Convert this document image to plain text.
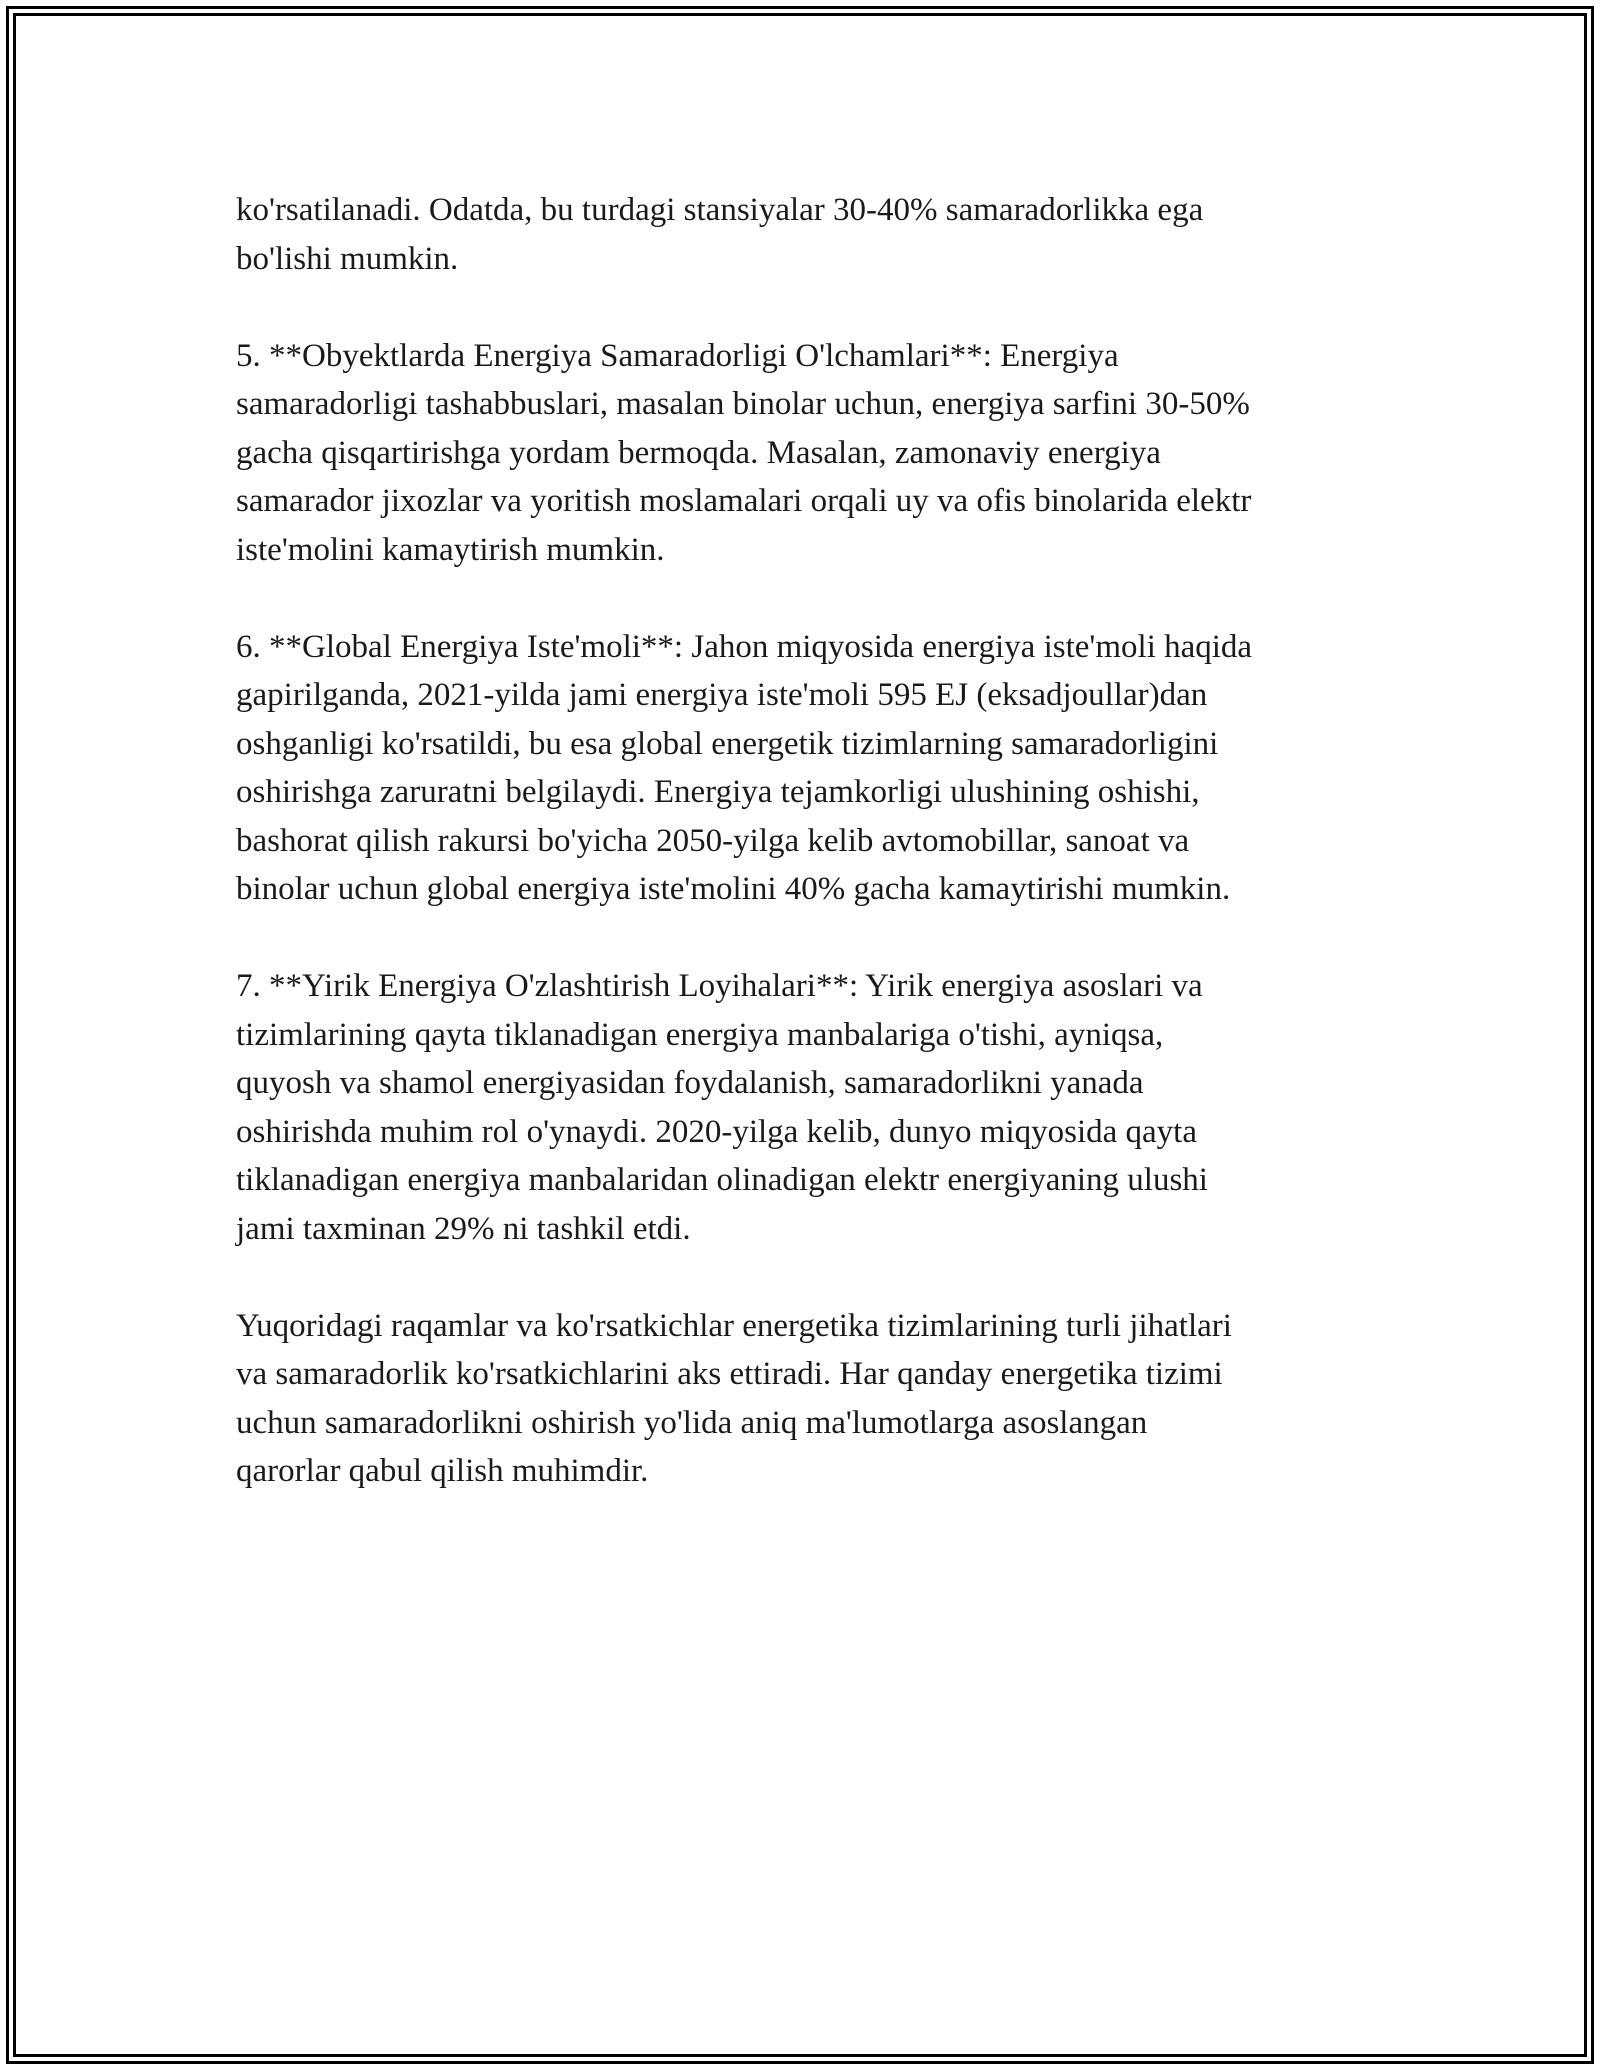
ko'rsatilanadi. Odatda, bu turdagi stansiyalar 30-40% samaradorlikka ega
bo'lishi mumkin.

5. **Obyektlarda Energiya Samaradorligi O'lchamlari**: Energiya
samaradorligi tashabbuslari, masalan binolar uchun, energiya sarfini 30-50%
gacha qisqartirishga yordam bermoqda. Masalan, zamonaviy energiya
samarador jixozlar va yoritish moslamalari orqali uy va ofis binolarida elektr
iste'molini kamaytirish mumkin.

6. **Global Energiya Iste'moli**: Jahon miqyosida energiya iste'moli haqida
gapirilganda, 2021-yilda jami energiya iste'moli 595 EJ (eksadjoullar)dan
oshganligi ko'rsatildi, bu esa global energetik tizimlarning samaradorligini
oshirishga zaruratni belgilaydi. Energiya tejamkorligi ulushining oshishi,
bashorat qilish rakursi bo'yicha 2050-yilga kelib avtomobillar, sanoat va
binolar uchun global energiya iste'molini 40% gacha kamaytirishi mumkin.

7. **Yirik Energiya O'zlashtirish Loyihalari**: Yirik energiya asoslari va
tizimlarining qayta tiklanadigan energiya manbalariga o'tishi, ayniqsa,
quyosh va shamol energiyasidan foydalanish, samaradorlikni yanada
oshirishda muhim rol o'ynaydi. 2020-yilga kelib, dunyo miqyosida qayta
tiklanadigan energiya manbalaridan olinadigan elektr energiyaning ulushi
jami taxminan 29% ni tashkil etdi.

Yuqoridagi raqamlar va ko'rsatkichlar energetika tizimlarining turli jihatlari
va samaradorlik ko'rsatkichlarini aks ettiradi. Har qanday energetika tizimi
uchun samaradorlikni oshirish yo'lida aniq ma'lumotlarga asoslangan
qarorlar qabul qilish muhimdir.
